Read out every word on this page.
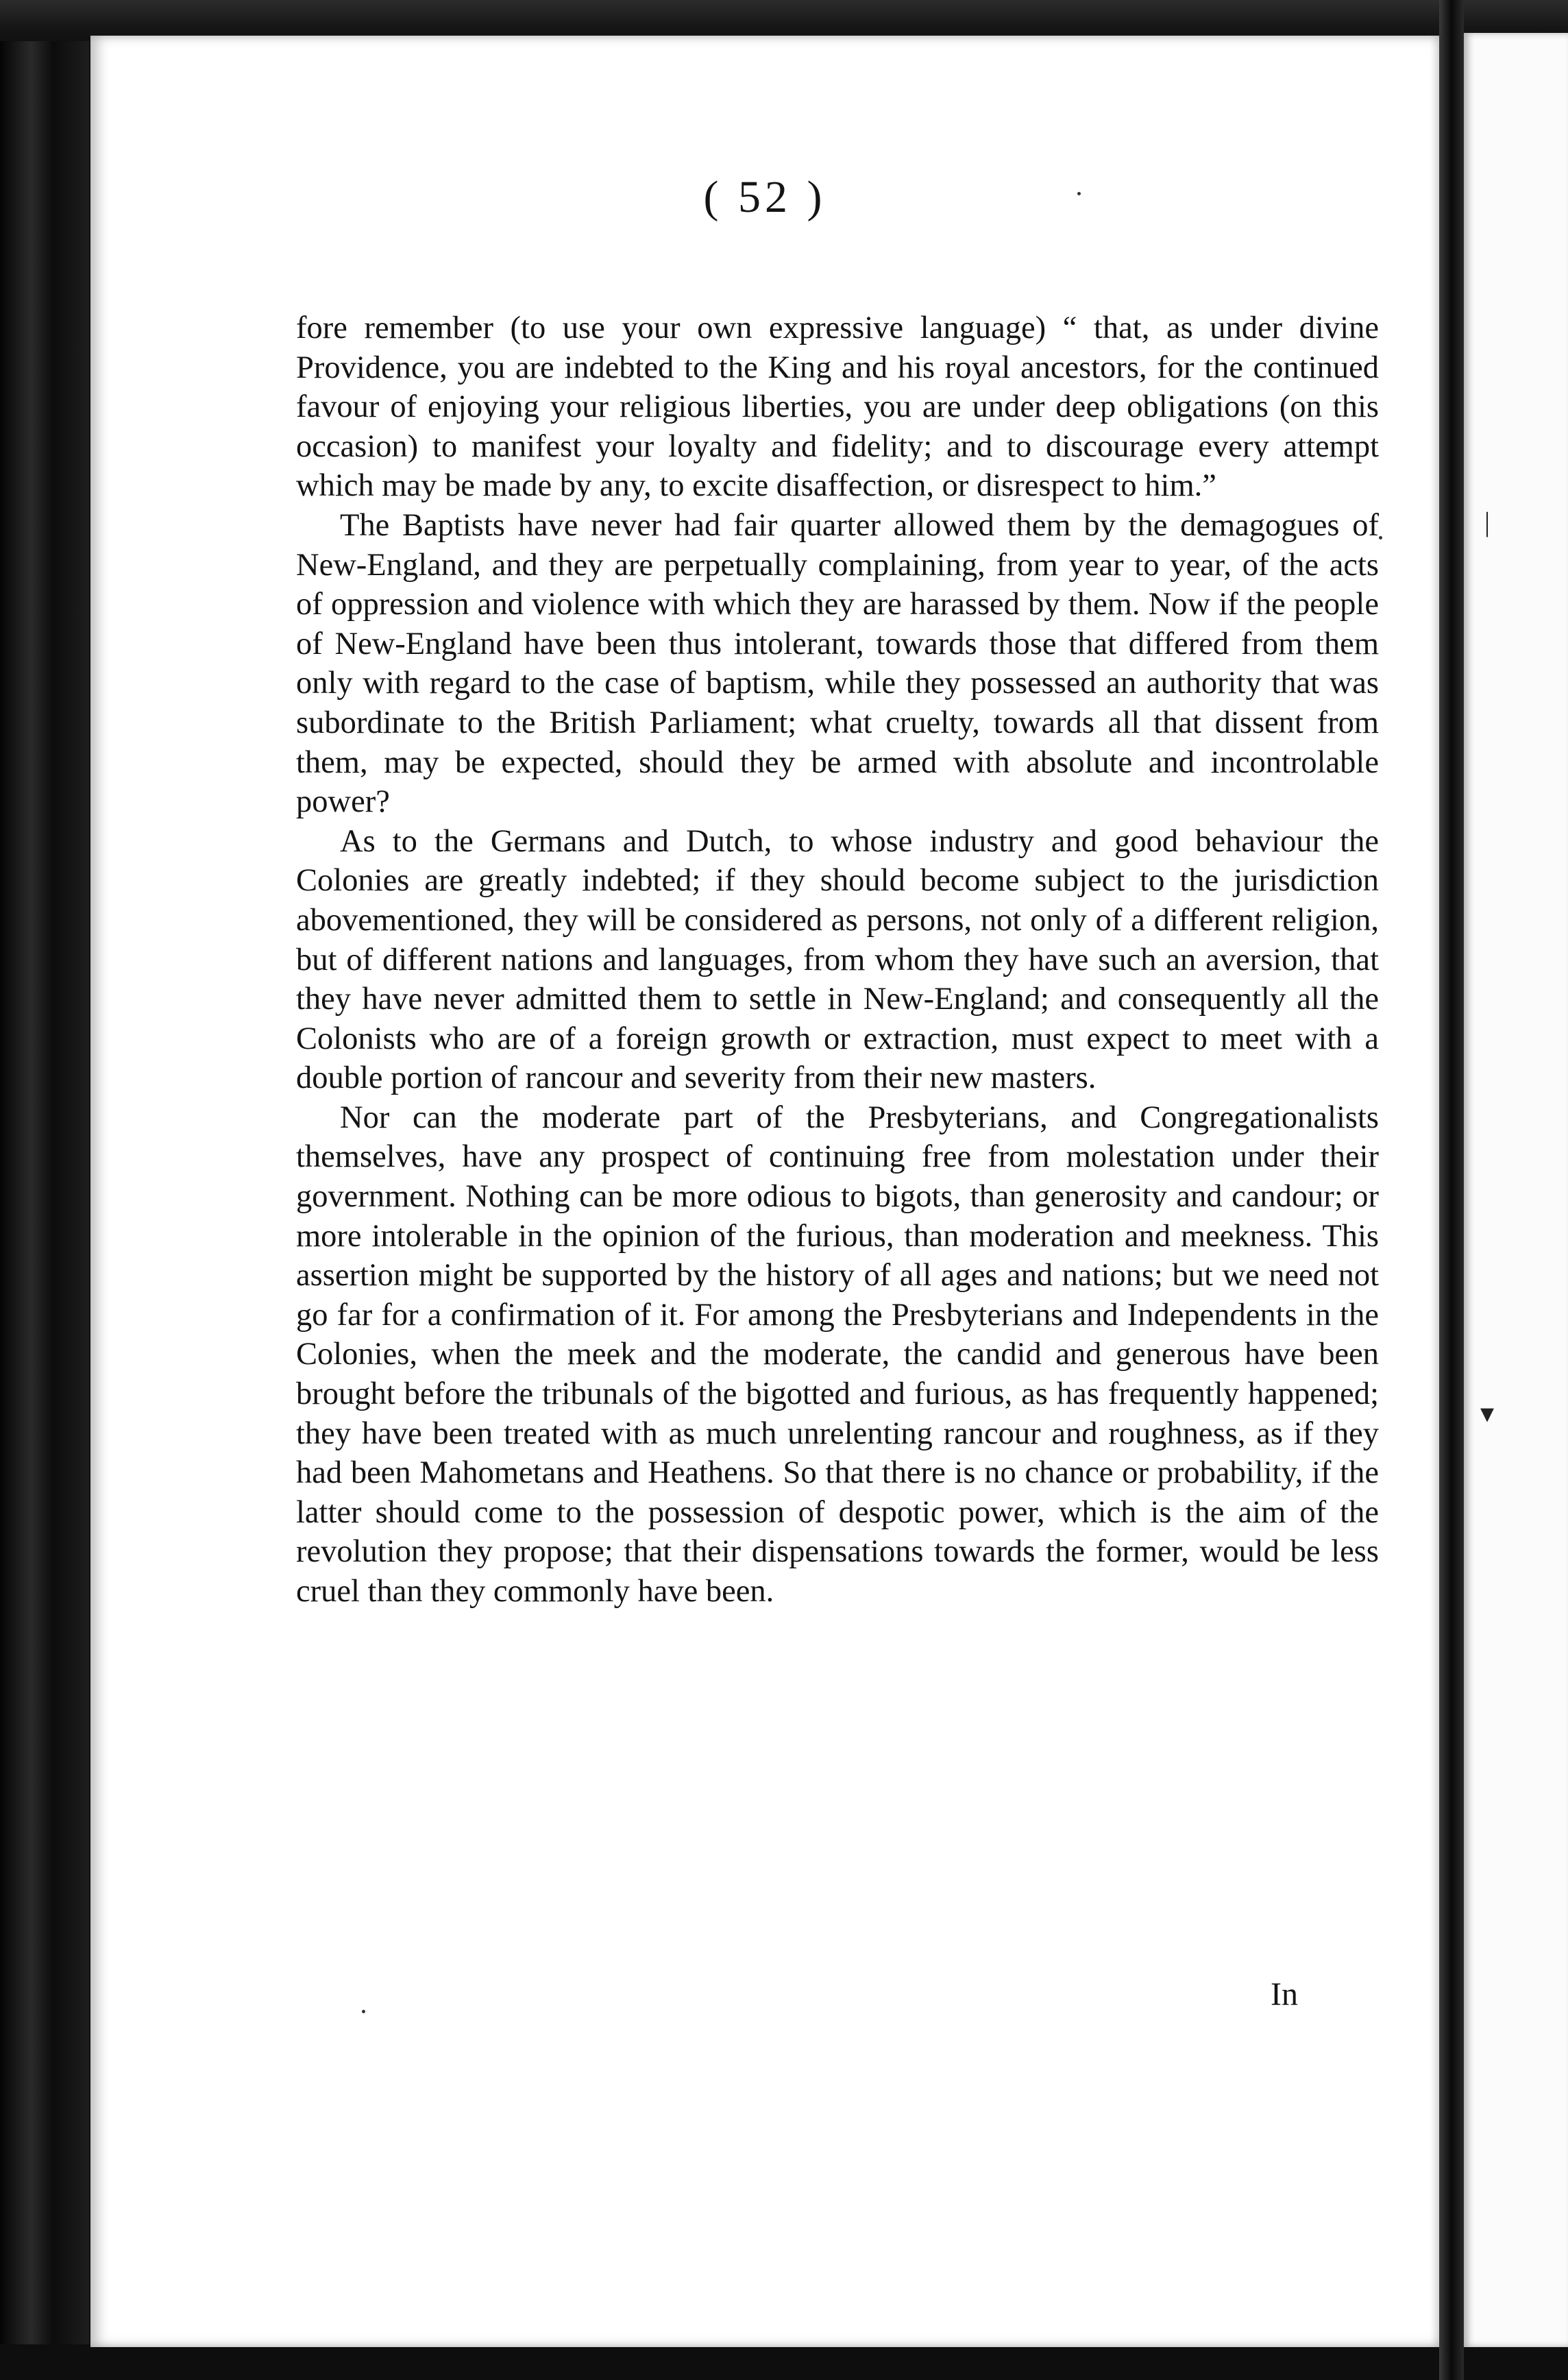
|
▾
( 52 )

fore remember (to use your own expressive language) “ that, as under divine Providence, you are indebted to the King and his royal ancestors, for the continued favour of enjoying your religious liberties, you are under deep obligations (on this occasion) to manifest your loyalty and fidelity; and to discourage every attempt which may be made by any, to excite disaffection, or disrespect to him.”

The Baptists have never had fair quarter allowed them by the demagogues of New-England, and they are perpetually complaining, from year to year, of the acts of oppression and violence with which they are harassed by them. Now if the people of New-England have been thus intolerant, towards those that differed from them only with regard to the case of baptism, while they possessed an authority that was subordinate to the British Parliament; what cruelty, towards all that dissent from them, may be expected, should they be armed with absolute and incontrolable power?

As to the Germans and Dutch, to whose industry and good behaviour the Colonies are greatly indebted; if they should become subject to the jurisdiction abovementioned, they will be considered as persons, not only of a different religion, but of different nations and languages, from whom they have such an aversion, that they have never admitted them to settle in New-England; and consequently all the Colonists who are of a foreign growth or extraction, must expect to meet with a double portion of rancour and severity from their new masters.

Nor can the moderate part of the Presbyterians, and Congregationalists themselves, have any prospect of continuing free from molestation under their government. Nothing can be more odious to bigots, than generosity and candour; or more intolerable in the opinion of the furious, than moderation and meekness. This assertion might be supported by the history of all ages and nations; but we need not go far for a confirmation of it. For among the Presbyterians and Independents in the Colonies, when the meek and the moderate, the candid and generous have been brought before the tribunals of the bigotted and furious, as has frequently happened; they have been treated with as much unrelenting rancour and roughness, as if they had been Mahometans and Heathens. So that there is no chance or probability, if the latter should come to the possession of despotic power, which is the aim of the revolution they propose; that their dispensations towards the former, would be less cruel than they commonly have been.

In
